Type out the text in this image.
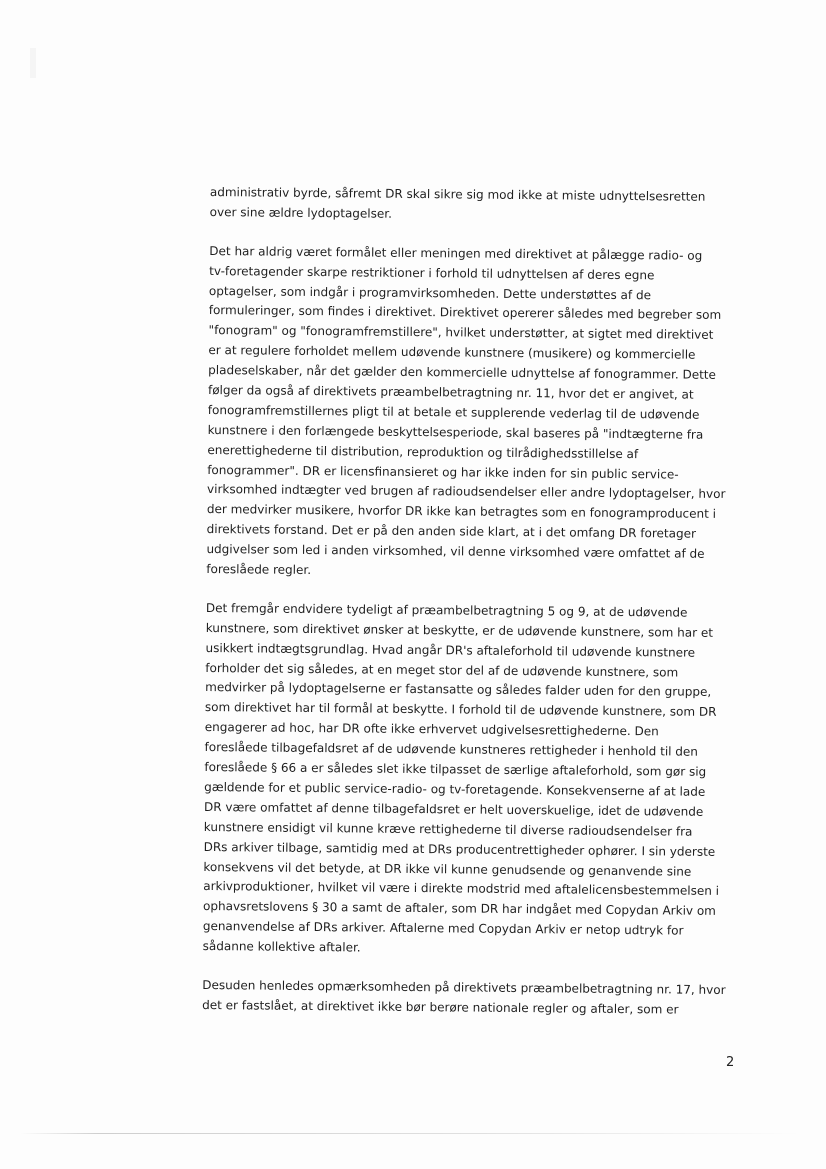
administrativ byrde, såfremt DR skal sikre sig mod ikke at miste udnyttelsesretten
over sine ældre lydoptagelser.
Det har aldrig været formålet eller meningen med direktivet at pålægge radio- og
tv-foretagender skarpe restriktioner i forhold til udnyttelsen af deres egne
optagelser, som indgår i programvirksomheden. Dette understøttes af de
formuleringer, som findes i direktivet. Direktivet opererer således med begreber som
"fonogram" og "fonogramfremstillere", hvilket understøtter, at sigtet med direktivet
er at regulere forholdet mellem udøvende kunstnere (musikere) og kommercielle
pladeselskaber, når det gælder den kommercielle udnyttelse af fonogrammer. Dette
følger da også af direktivets præambelbetragtning nr. 11, hvor det er angivet, at
fonogramfremstillernes pligt til at betale et supplerende vederlag til de udøvende
kunstnere i den forlængede beskyttelsesperiode, skal baseres på "indtægterne fra
enerettighederne til distribution, reproduktion og tilrådighedsstillelse af
fonogrammer". DR er licensfinansieret og har ikke inden for sin public service-
virksomhed indtægter ved brugen af radioudsendelser eller andre lydoptagelser, hvor
der medvirker musikere, hvorfor DR ikke kan betragtes som en fonogramproducent i
direktivets forstand. Det er på den anden side klart, at i det omfang DR foretager
udgivelser som led i anden virksomhed, vil denne virksomhed være omfattet af de
foreslåede regler.
Det fremgår endvidere tydeligt af præambelbetragtning 5 og 9, at de udøvende
kunstnere, som direktivet ønsker at beskytte, er de udøvende kunstnere, som har et
usikkert indtægtsgrundlag. Hvad angår DR's aftaleforhold til udøvende kunstnere
forholder det sig således, at en meget stor del af de udøvende kunstnere, som
medvirker på lydoptagelserne er fastansatte og således falder uden for den gruppe,
som direktivet har til formål at beskytte. I forhold til de udøvende kunstnere, som DR
engagerer ad hoc, har DR ofte ikke erhvervet udgivelsesrettighederne. Den
foreslåede tilbagefaldsret af de udøvende kunstneres rettigheder i henhold til den
foreslåede § 66 a er således slet ikke tilpasset de særlige aftaleforhold, som gør sig
gældende for et public service-radio- og tv-foretagende. Konsekvenserne af at lade
DR være omfattet af denne tilbagefaldsret er helt uoverskuelige, idet de udøvende
kunstnere ensidigt vil kunne kræve rettighederne til diverse radioudsendelser fra
DRs arkiver tilbage, samtidig med at DRs producentrettigheder ophører. I sin yderste
konsekvens vil det betyde, at DR ikke vil kunne genudsende og genanvende sine
arkivproduktioner, hvilket vil være i direkte modstrid med aftalelicensbestemmelsen i
ophavsretslovens § 30 a samt de aftaler, som DR har indgået med Copydan Arkiv om
genanvendelse af DRs arkiver. Aftalerne med Copydan Arkiv er netop udtryk for
sådanne kollektive aftaler.
Desuden henledes opmærksomheden på direktivets præambelbetragtning nr. 17, hvor
det er fastslået, at direktivet ikke bør berøre nationale regler og aftaler, som er
2
